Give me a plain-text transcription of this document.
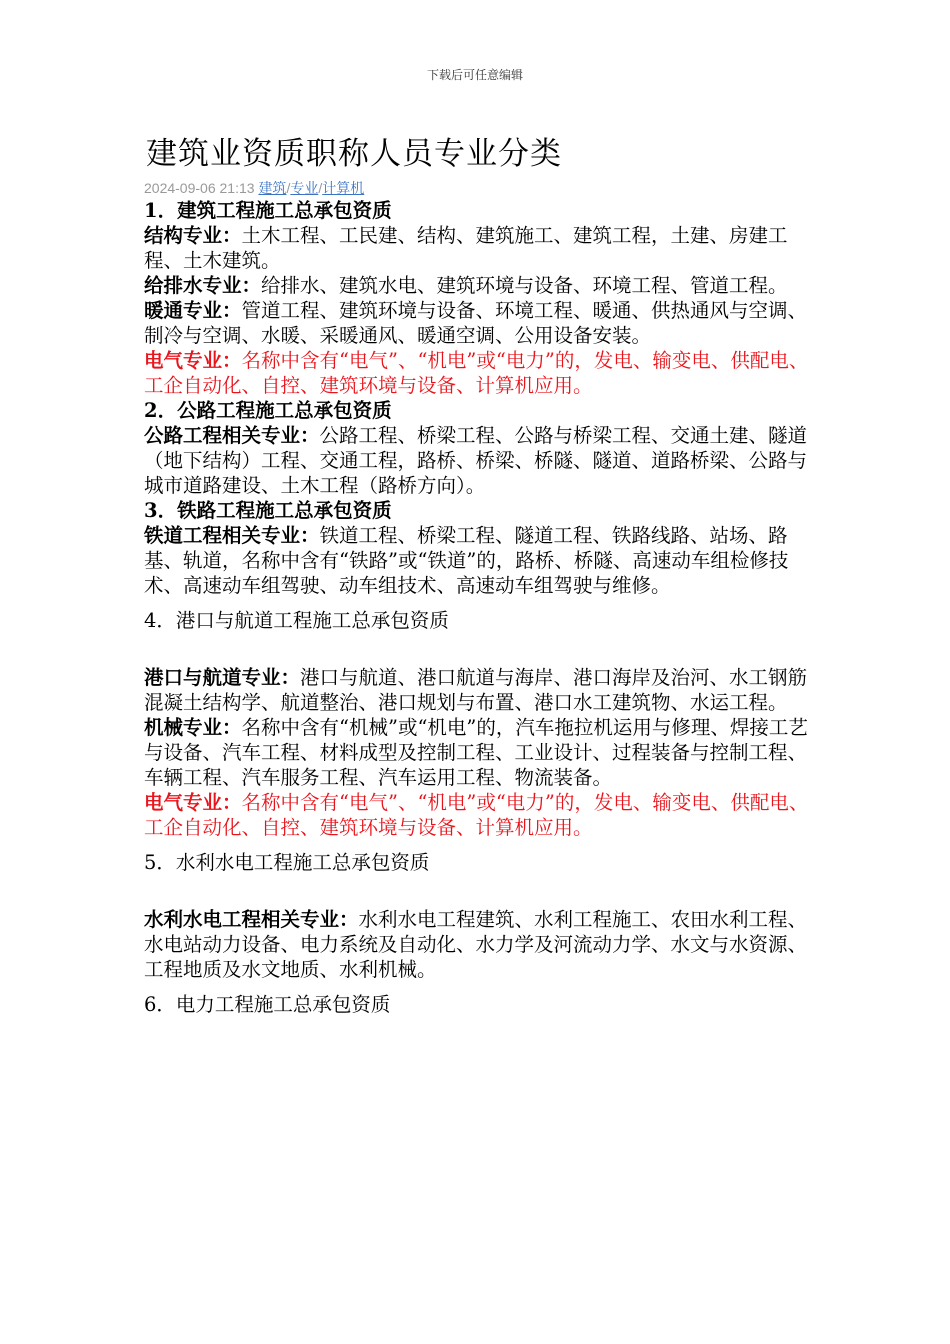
下载后可任意编辑
建筑业资质职称人员专业分类
2024-09-06 21:13 建筑/专业/计算机

1．建筑工程施工总承包资质

结构专业：土木工程、工民建、结构、建筑施工、建筑工程，土建、房建工程、土木建筑。

给排水专业：给排水、建筑水电、建筑环境与设备、环境工程、管道工程。

暖通专业：管道工程、建筑环境与设备、环境工程、暖通、供热通风与空调、制冷与空调、水暖、采暖通风、暖通空调、公用设备安装。

电气专业：名称中含有“电气”、“机电”或“电力”的，发电、输变电、供配电、工企自动化、自控、建筑环境与设备、计算机应用。

2．公路工程施工总承包资质

公路工程相关专业：公路工程、桥梁工程、公路与桥梁工程、交通土建、隧道（地下结构）工程、交通工程，路桥、桥梁、桥隧、隧道、道路桥梁、公路与城市道路建设、土木工程（路桥方向）。

3．铁路工程施工总承包资质

铁道工程相关专业：铁道工程、桥梁工程、隧道工程、铁路线路、站场、路基、轨道，名称中含有“铁路”或“铁道”的，路桥、桥隧、高速动车组检修技术、高速动车组驾驶、动车组技术、高速动车组驾驶与维修。

4．港口与航道工程施工总承包资质

港口与航道专业：港口与航道、港口航道与海岸、港口海岸及治河、水工钢筋混凝土结构学、航道整治、港口规划与布置、港口水工建筑物、水运工程。

机械专业：名称中含有“机械”或“机电”的，汽车拖拉机运用与修理、焊接工艺与设备、汽车工程、材料成型及控制工程、工业设计、过程装备与控制工程、车辆工程、汽车服务工程、汽车运用工程、物流装备。

电气专业：名称中含有“电气”、“机电”或“电力”的，发电、输变电、供配电、工企自动化、自控、建筑环境与设备、计算机应用。

5．水利水电工程施工总承包资质

水利水电工程相关专业：水利水电工程建筑、水利工程施工、农田水利工程、水电站动力设备、电力系统及自动化、水力学及河流动力学、水文与水资源、工程地质及水文地质、水利机械。

6．电力工程施工总承包资质
